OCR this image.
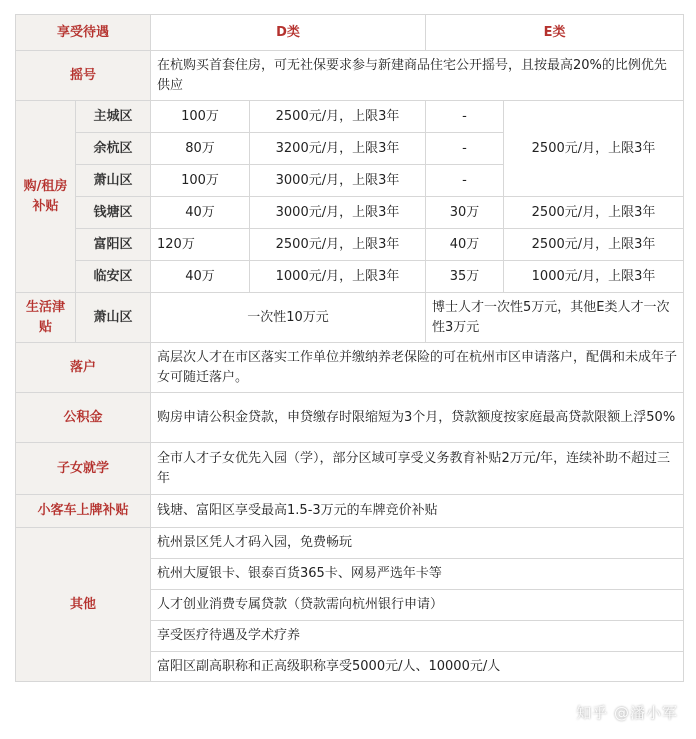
享受待遇		D类		E类	
摇号		在杭购买首套住房，可无社保要求参与新建商品住宅公开摇号，且按最高20%的比例优先供应			
购/租房补贴	主城区	100万	2500元/月，上限3年	-	2500元/月，上限3年
	余杭区	80万	3200元/月，上限3年	-	
	萧山区	100万	3000元/月，上限3年	-	
	钱塘区	40万	3000元/月，上限3年	30万	2500元/月，上限3年
	富阳区	120万	2500元/月，上限3年	40万	2500元/月，上限3年
	临安区	40万	1000元/月，上限3年	35万	1000元/月，上限3年
生活津贴	萧山区	一次性10万元		博士人才一次性5万元，其他E类人才一次性3万元	
落户		高层次人才在市区落实工作单位并缴纳养老保险的可在杭州市区申请落户，配偶和未成年子女可随迁落户。			
公积金		购房申请公积金贷款，申贷缴存时限缩短为3个月，贷款额度按家庭最高贷款限额上浮50%			
子女就学		全市人才子女优先入园（学），部分区域可享受义务教育补贴2万元/年，连续补助不超过三年			
小客车上牌补贴		钱塘、富阳区享受最高1.5-3万元的车牌竞价补贴			
其他		杭州景区凭人才码入园，免费畅玩			
		杭州大厦银卡、银泰百货365卡、网易严选年卡等			
		人才创业消费专属贷款（贷款需向杭州银行申请）			
		享受医疗待遇及学术疗养			
		富阳区副高职称和正高级职称享受5000元/人、10000元/人			
知乎 @潘小军
